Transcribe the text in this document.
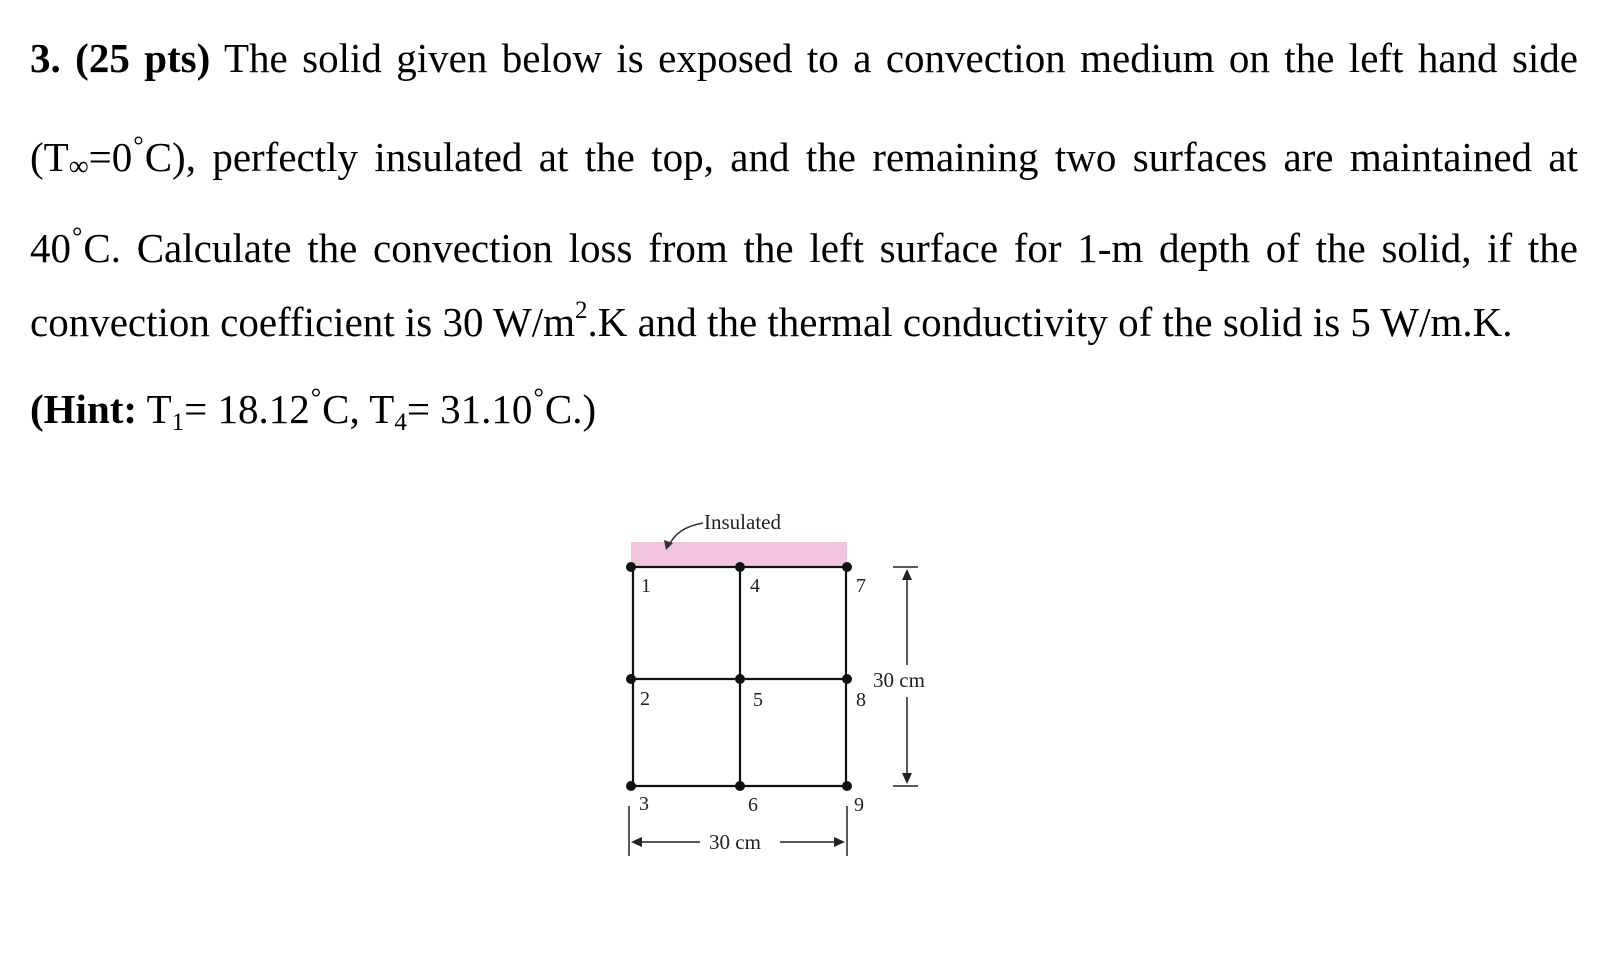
3. (25 pts) The solid given below is exposed to a convection medium on the left hand side
(T∞=0°C), perfectly insulated at the top, and the remaining two surfaces are maintained at
40°C. Calculate the convection loss from the left surface for 1-m depth of the solid, if the
convection coefficient is 30 $W/m^2.K$ and the thermal conductivity of the solid is 5 W/m.K.
(Hint: $T_1= 18.12^\circ C$, $T_4= 31.10^\circ C$.)
Insulated
1
2
3
4
5
6
7
8
9
30 cm
30 cm
